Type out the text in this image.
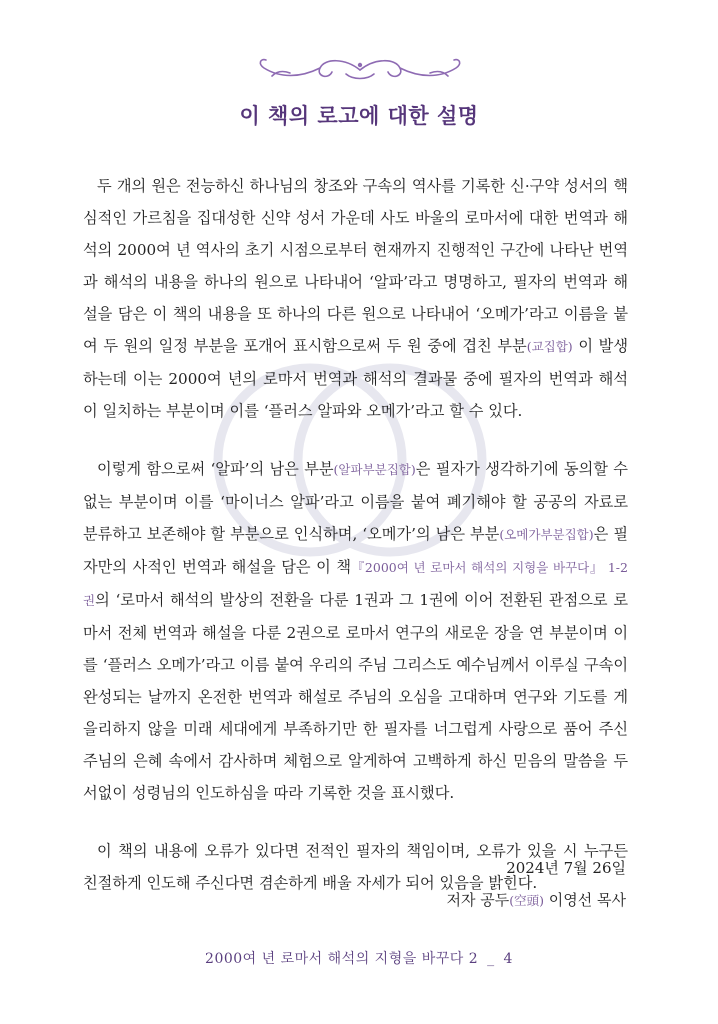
이 책의 로고에 대한 설명

두 개의 원은 전능하신 하나님의 창조와 구속의 역사를 기록한 신·구약 성서의 핵심적인 가르침을 집대성한 신약 성서 가운데 사도 바울의 로마서에 대한 번역과 해석의 2000여 년 역사의 초기 시점으로부터 현재까지 진행적인 구간에 나타난 번역과 해석의 내용을 하나의 원으로 나타내어 ‘알파’라고 명명하고, 필자의 번역과 해설을 담은 이 책의 내용을 또 하나의 다른 원으로 나타내어 ‘오메가’라고 이름을 붙여 두 원의 일정 부분을 포개어 표시함으로써 두 원 중에 겹친 부분(교집합) 이 발생하는데 이는 2000여 년의 로마서 번역과 해석의 결과물 중에 필자의 번역과 해석이 일치하는 부분이며 이를 ‘플러스 알파와 오메가’라고 할 수 있다.

이렇게 함으로써 ‘알파’의 남은 부분(알파부분집합)은 필자가 생각하기에 동의할 수 없는 부분이며 이를 ‘마이너스 알파’라고 이름을 붙여 폐기해야 할 공공의 자료로 분류하고 보존해야 할 부분으로 인식하며, ‘오메가’의 남은 부분(오메가부분집합)은 필자만의 사적인 번역과 해설을 담은 이 책『2000여 년 로마서 해석의 지형을 바꾸다』 1-2권의 ‘로마서 해석의 발상의 전환을 다룬 1권과 그 1권에 이어 전환된 관점으로 로마서 전체 번역과 해설을 다룬 2권으로 로마서 연구의 새로운 장을 연 부분이며 이를 ‘플러스 오메가’라고 이름 붙여 우리의 주님 그리스도 예수님께서 이루실 구속이 완성되는 날까지 온전한 번역과 해설로 주님의 오심을 고대하며 연구와 기도를 게을리하지 않을 미래 세대에게 부족하기만 한 필자를 너그럽게 사랑으로 품어 주신 주님의 은혜 속에서 감사하며 체험으로 알게하여 고백하게 하신 믿음의 말씀을 두서없이 성령님의 인도하심을 따라 기록한 것을 표시했다.

이 책의 내용에 오류가 있다면 전적인 필자의 책임이며, 오류가 있을 시 누구든 친절하게 인도해 주신다면 겸손하게 배울 자세가 되어 있음을 밝힌다.

2024년 7월 26일
저자 공두(空頭) 이영선 목사
2000여 년 로마서 해석의 지형을 바꾸다 2 _ 4
